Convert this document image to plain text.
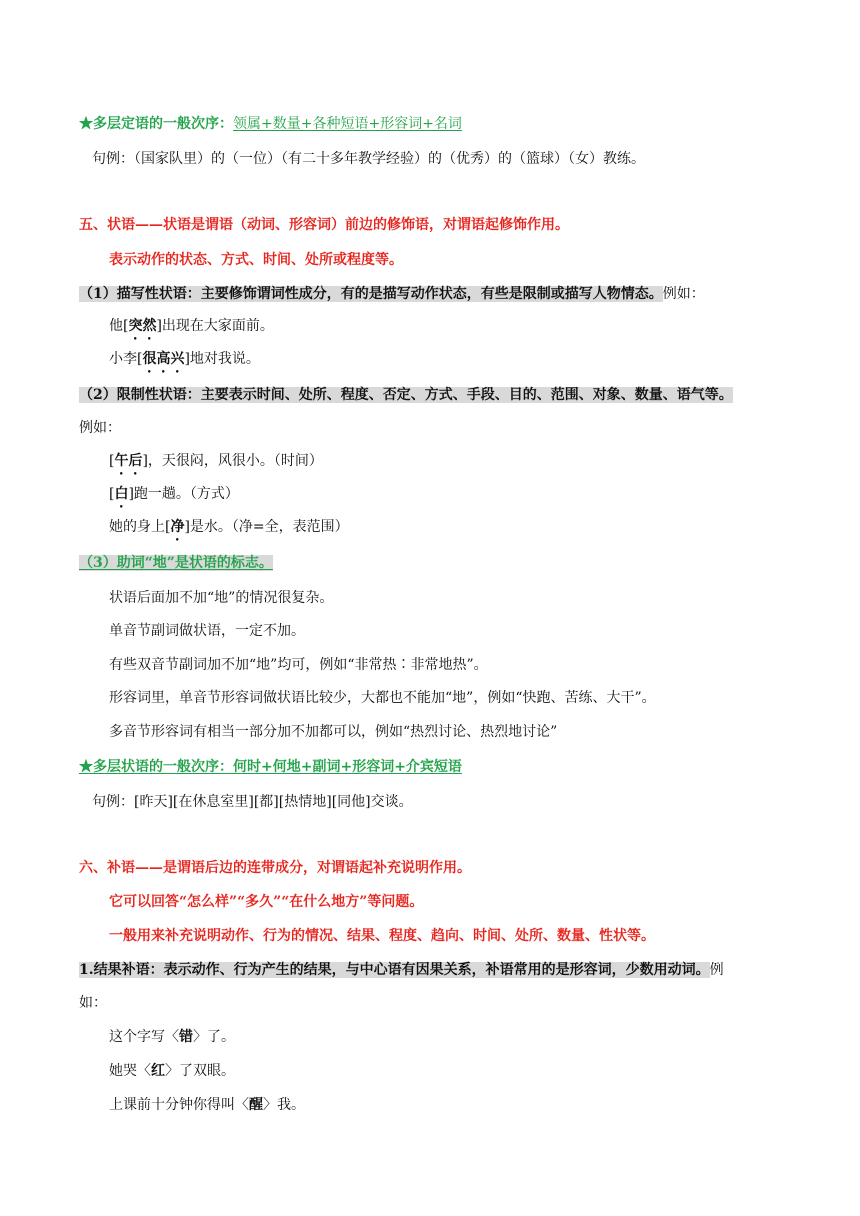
★多层定语的一般次序：领属+数量+各种短语+形容词+名词
句例：（国家队里）的（一位）（有二十多年教学经验）的（优秀）的（篮球）（女）教练。
五、状语——状语是谓语（动词、形容词）前边的修饰语，对谓语起修饰作用。
表示动作的状态、方式、时间、处所或程度等。
（1）描写性状语：主要修饰谓词性成分，有的是描写动作状态，有些是限制或描写人物情态。例如：
他[突然]出现在大家面前。
小李[很高兴]地对我说。
（2）限制性状语：主要表示时间、处所、程度、否定、方式、手段、目的、范围、对象、数量、语气等。
例如：
[午后]，天很闷，风很小。（时间）
[白]跑一趟。（方式）
她的身上[净]是水。（净=全，表范围）
（3）助词“地”是状语的标志。
状语后面加不加“地”的情况很复杂。
单音节副词做状语，一定不加。
有些双音节副词加不加“地”均可，例如“非常热∶非常地热”。
形容词里，单音节形容词做状语比较少，大都也不能加“地”，例如“快跑、苦练、大干”。
多音节形容词有相当一部分加不加都可以，例如“热烈讨论、热烈地讨论”
★多层状语的一般次序：何时+何地+副词+形容词+介宾短语
句例：[昨天][在休息室里][都][热情地][同他]交谈。
六、补语——是谓语后边的连带成分，对谓语起补充说明作用。
它可以回答“怎么样”“多久”“在什么地方”等问题。
一般用来补充说明动作、行为的情况、结果、程度、趋向、时间、处所、数量、性状等。
1.结果补语：表示动作、行为产生的结果，与中心语有因果关系，补语常用的是形容词，少数用动词。例
如：
这个字写〈错〉了。
她哭〈红〉了双眼。
上课前十分钟你得叫〈醒〉我。
